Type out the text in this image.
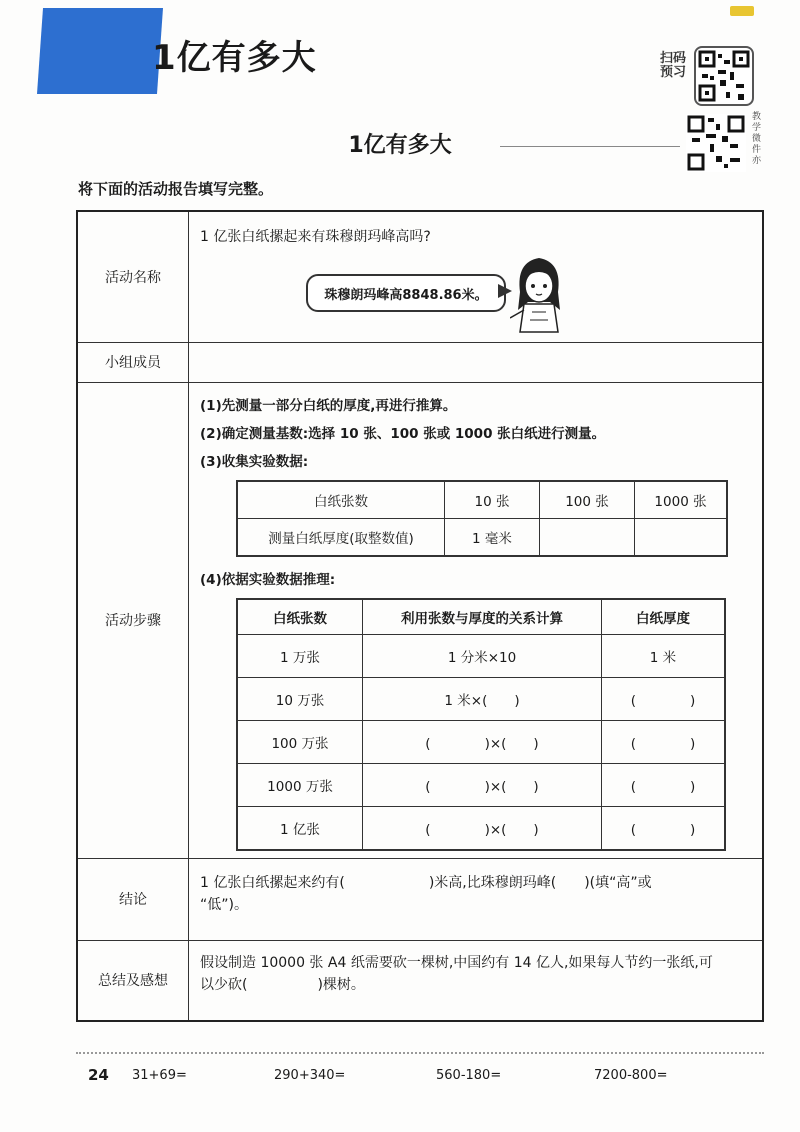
1亿有多大	扫码预习
教学微件亦
1亿有多大
将下面的活动报告填写完整。
活动名称
1 亿张白纸摞起来有珠穆朗玛峰高吗?
珠穆朗玛峰高8848.86米。
小组成员
活动步骤
(1)先测量一部分白纸的厚度,再进行推算。
(2)确定测量基数:选择 10 张、100 张或 1000 张白纸进行测量。
(3)收集实验数据:
白纸张数	10 张	100 张	1000 张
测量白纸厚度(取整数值)	1 毫米		
(4)依据实验数据推理:
白纸张数	利用张数与厚度的关系计算	白纸厚度
1 万张	1 分米×10	1 米
10 万张	1 米×(　　)	(　　　　)
100 万张	(　　　　)×(　　)	(　　　　)
1000 万张	(　　　　)×(　　)	(　　　　)
1 亿张	(　　　　)×(　　)	(　　　　)
结论
1 亿张白纸摞起来约有(　　　　　　)米高,比珠穆朗玛峰(　　)(填“高”或
“低”)。
总结及感想
假设制造 10000 张 A4 纸需要砍一棵树,中国约有 14 亿人,如果每人节约一张纸,可
以少砍(　　　　　)棵树。
24 31+69=	290+340=	560-180=	7200-800=
